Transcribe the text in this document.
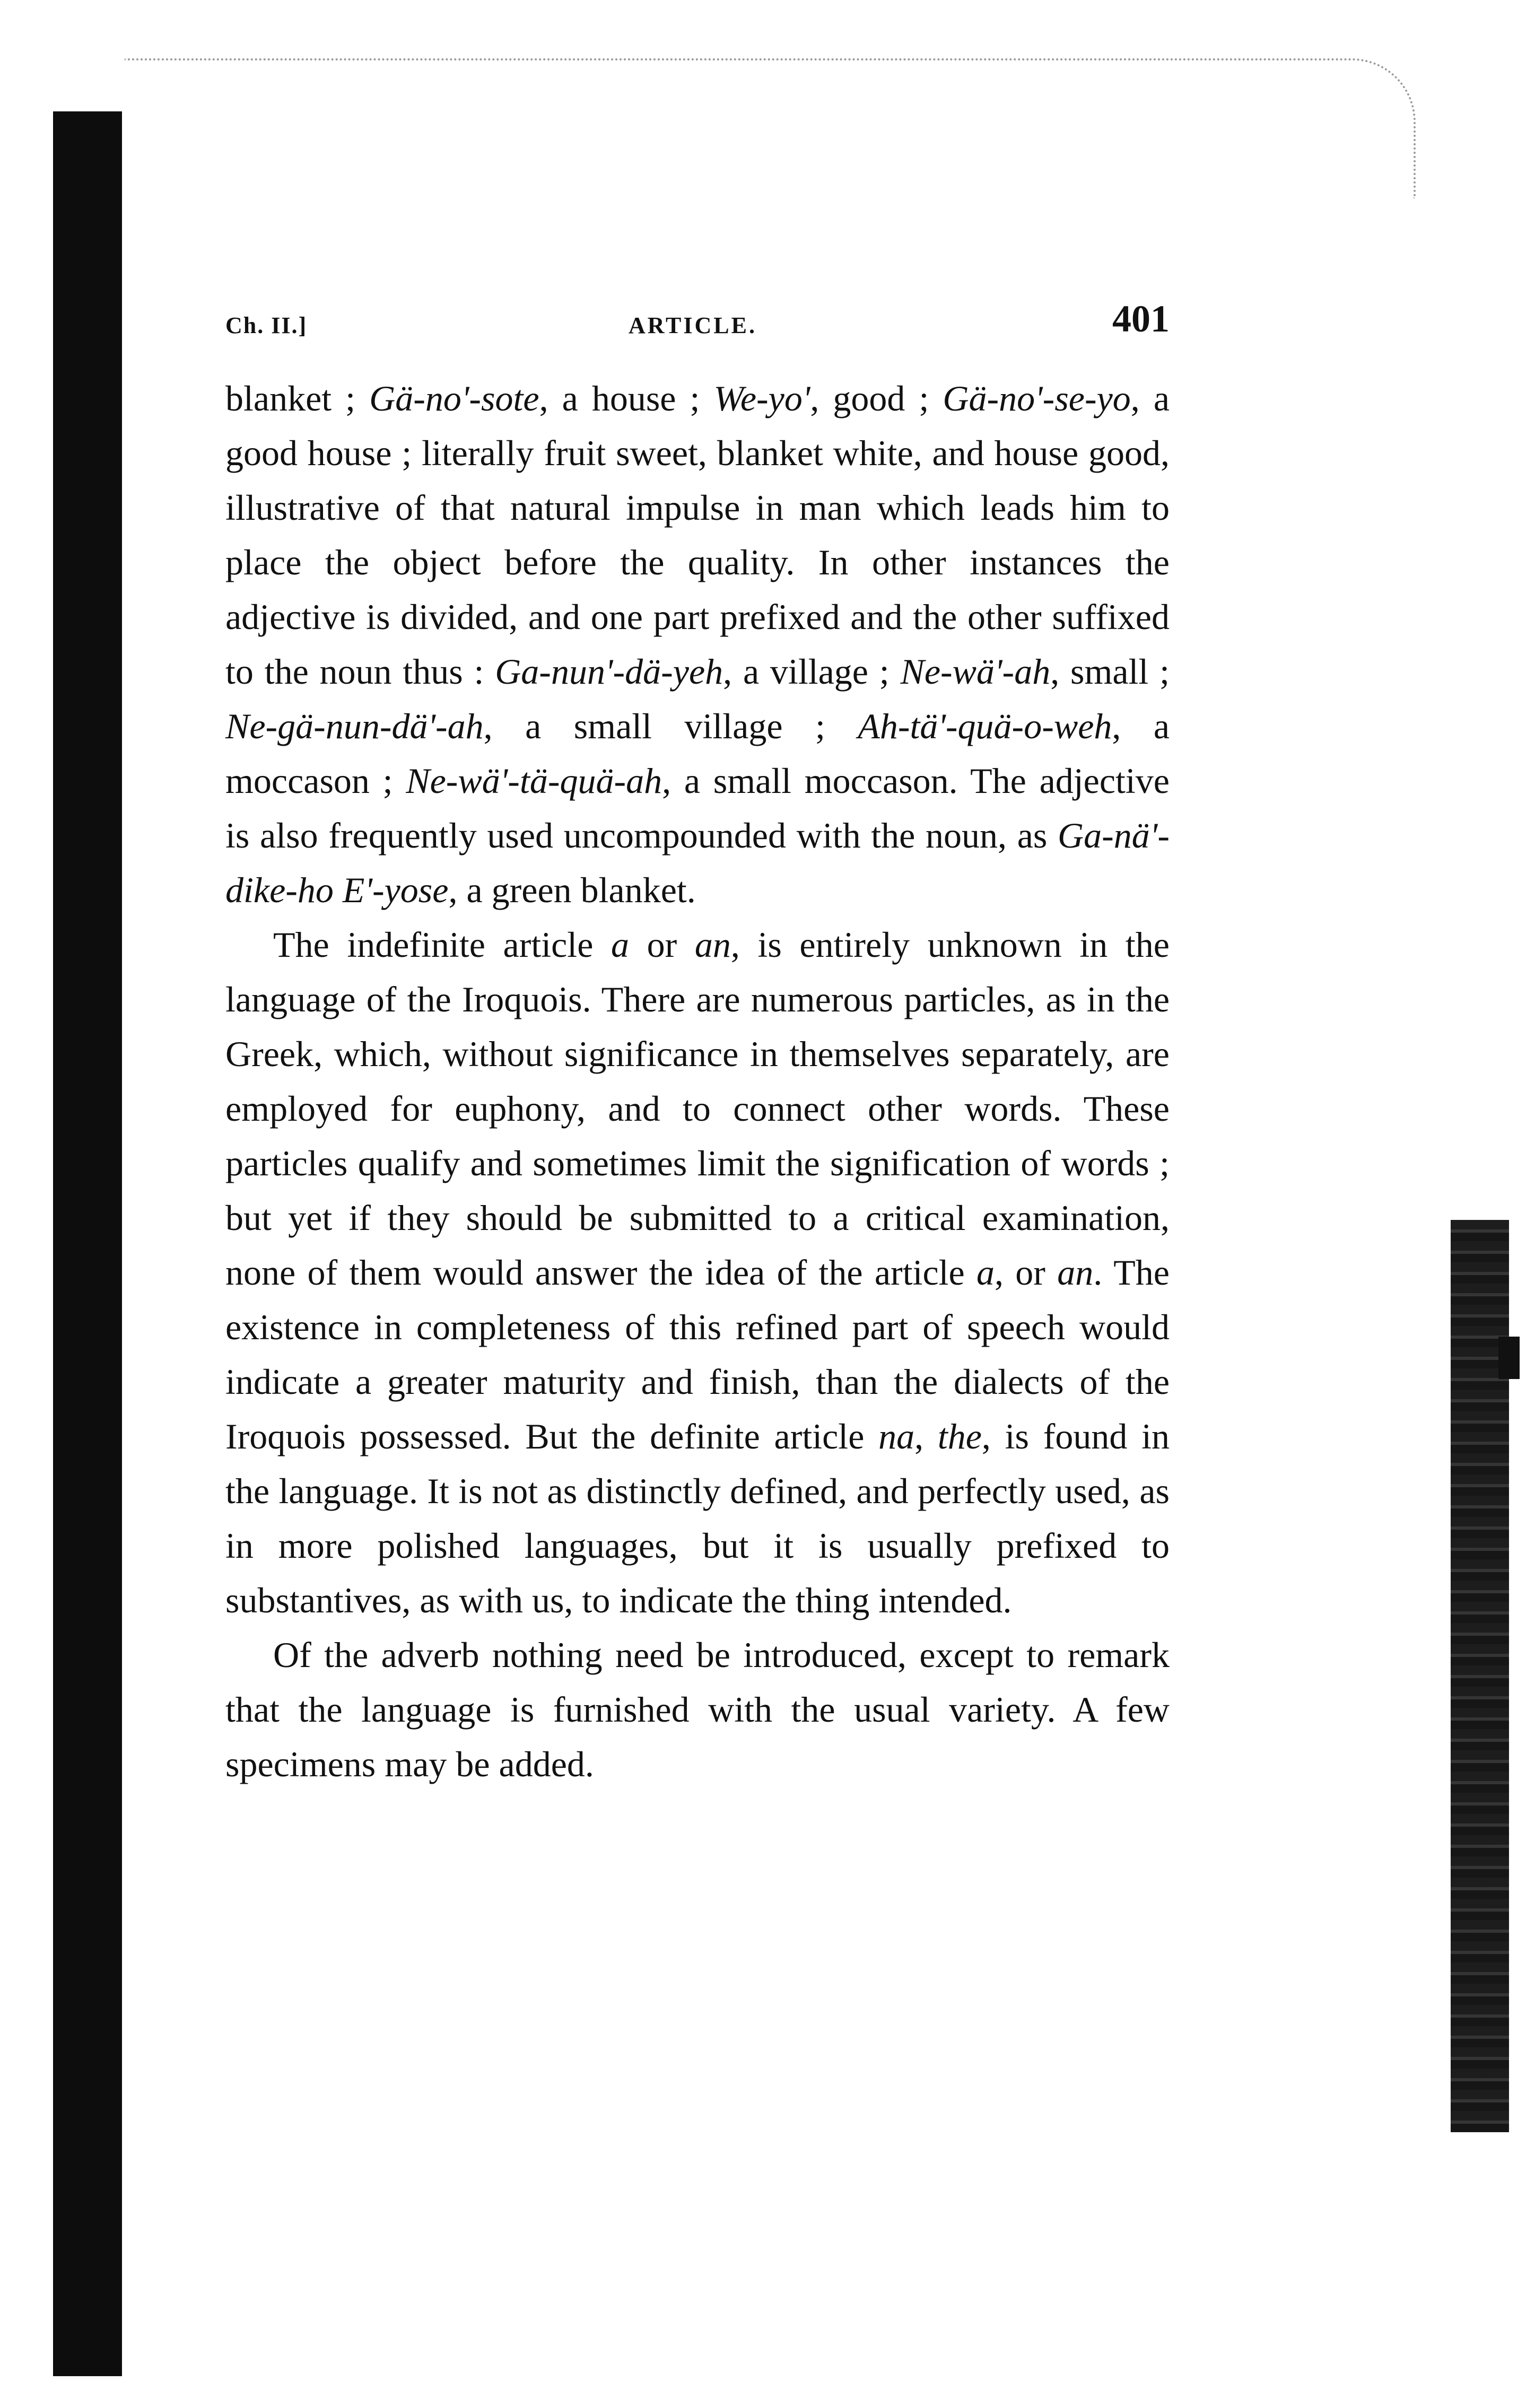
Ch. II.]	ARTICLE.	401

blanket ; Gä-no'-sote, a house ; We-yo', good ; Gä-no'-se-yo, a good house ; literally fruit sweet, blanket white, and house good, illustrative of that natural impulse in man which leads him to place the object before the quality. In other instances the adjective is divided, and one part prefixed and the other suffixed to the noun thus : Ga-nun'-dä-yeh, a village ; Ne-wä'-ah, small ; Ne-gä-nun-dä'-ah, a small village ; Ah-tä'-quä-o-weh, a moccason ; Ne-wä'-tä-quä-ah, a small moccason. The adjective is also frequently used uncompounded with the noun, as Ga-nä'-dike-ho E'-yose, a green blanket.

The indefinite article a or an, is entirely unknown in the language of the Iroquois. There are numerous particles, as in the Greek, which, without significance in themselves separately, are employed for euphony, and to connect other words. These particles qualify and sometimes limit the signification of words ; but yet if they should be submitted to a critical examination, none of them would answer the idea of the article a, or an. The existence in completeness of this refined part of speech would indicate a greater maturity and finish, than the dialects of the Iroquois possessed. But the definite article na, the, is found in the language. It is not as distinctly defined, and perfectly used, as in more polished languages, but it is usually prefixed to substantives, as with us, to indicate the thing intended.

Of the adverb nothing need be introduced, except to remark that the language is furnished with the usual variety. A few specimens may be added.
